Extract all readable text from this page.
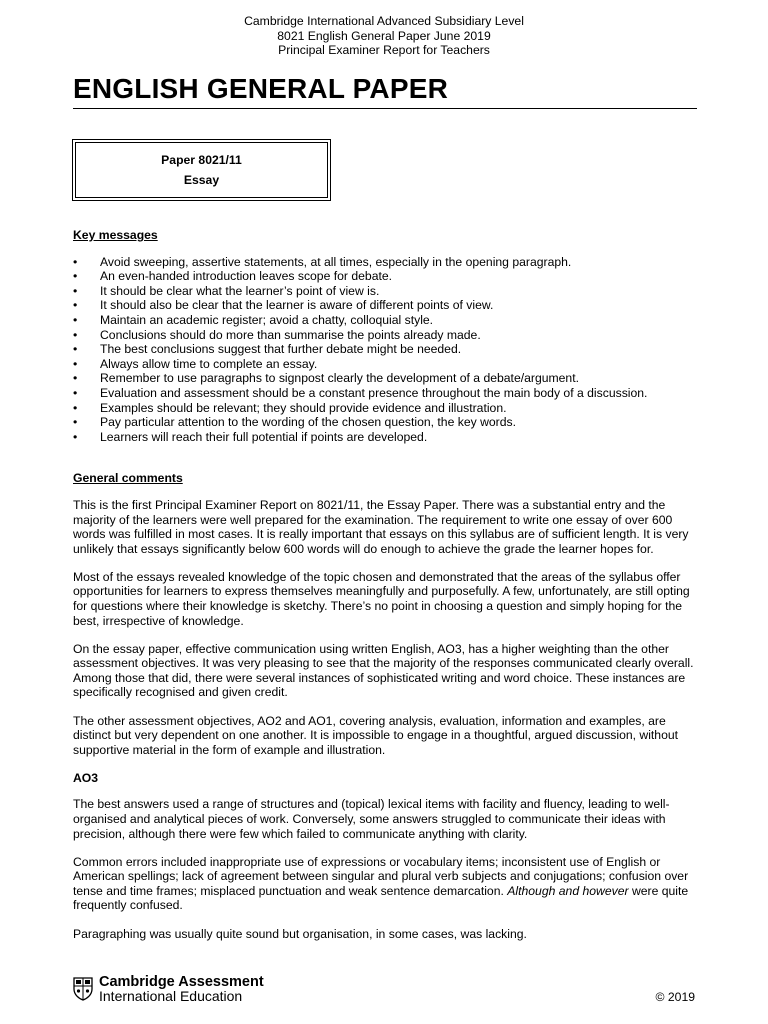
Cambridge International Advanced Subsidiary Level
8021 English General Paper June 2019
Principal Examiner Report for Teachers
ENGLISH GENERAL PAPER
Paper 8021/11
Essay
Key messages
• Avoid sweeping, assertive statements, at all times, especially in the opening paragraph.
• An even-handed introduction leaves scope for debate.
• It should be clear what the learner’s point of view is.
• It should also be clear that the learner is aware of different points of view.
• Maintain an academic register; avoid a chatty, colloquial style.
• Conclusions should do more than summarise the points already made.
• The best conclusions suggest that further debate might be needed.
• Always allow time to complete an essay.
• Remember to use paragraphs to signpost clearly the development of a debate/argument.
• Evaluation and assessment should be a constant presence throughout the main body of a discussion.
• Examples should be relevant; they should provide evidence and illustration.
• Pay particular attention to the wording of the chosen question, the key words.
• Learners will reach their full potential if points are developed.
General comments

This is the first Principal Examiner Report on 8021/11, the Essay Paper. There was a substantial entry and the majority of the learners were well prepared for the examination. The requirement to write one essay of over 600 words was fulfilled in most cases. It is really important that essays on this syllabus are of sufficient length. It is very unlikely that essays significantly below 600 words will do enough to achieve the grade the learner hopes for.

Most of the essays revealed knowledge of the topic chosen and demonstrated that the areas of the syllabus offer opportunities for learners to express themselves meaningfully and purposefully. A few, unfortunately, are still opting for questions where their knowledge is sketchy. There’s no point in choosing a question and simply hoping for the best, irrespective of knowledge.

On the essay paper, effective communication using written English, AO3, has a higher weighting than the other assessment objectives. It was very pleasing to see that the majority of the responses communicated clearly overall. Among those that did, there were several instances of sophisticated writing and word choice. These instances are specifically recognised and given credit.

The other assessment objectives, AO2 and AO1, covering analysis, evaluation, information and examples, are distinct but very dependent on one another. It is impossible to engage in a thoughtful, argued discussion, without supportive material in the form of example and illustration.

AO3

The best answers used a range of structures and (topical) lexical items with facility and fluency, leading to well-organised and analytical pieces of work. Conversely, some answers struggled to communicate their ideas with precision, although there were few which failed to communicate anything with clarity.

Common errors included inappropriate use of expressions or vocabulary items; inconsistent use of English or American spellings; lack of agreement between singular and plural verb subjects and conjugations; confusion over tense and time frames; misplaced punctuation and weak sentence demarcation. Although and however were quite frequently confused.

Paragraphing was usually quite sound but organisation, in some cases, was lacking.

Cambridge Assessment
International Education	© 2019
